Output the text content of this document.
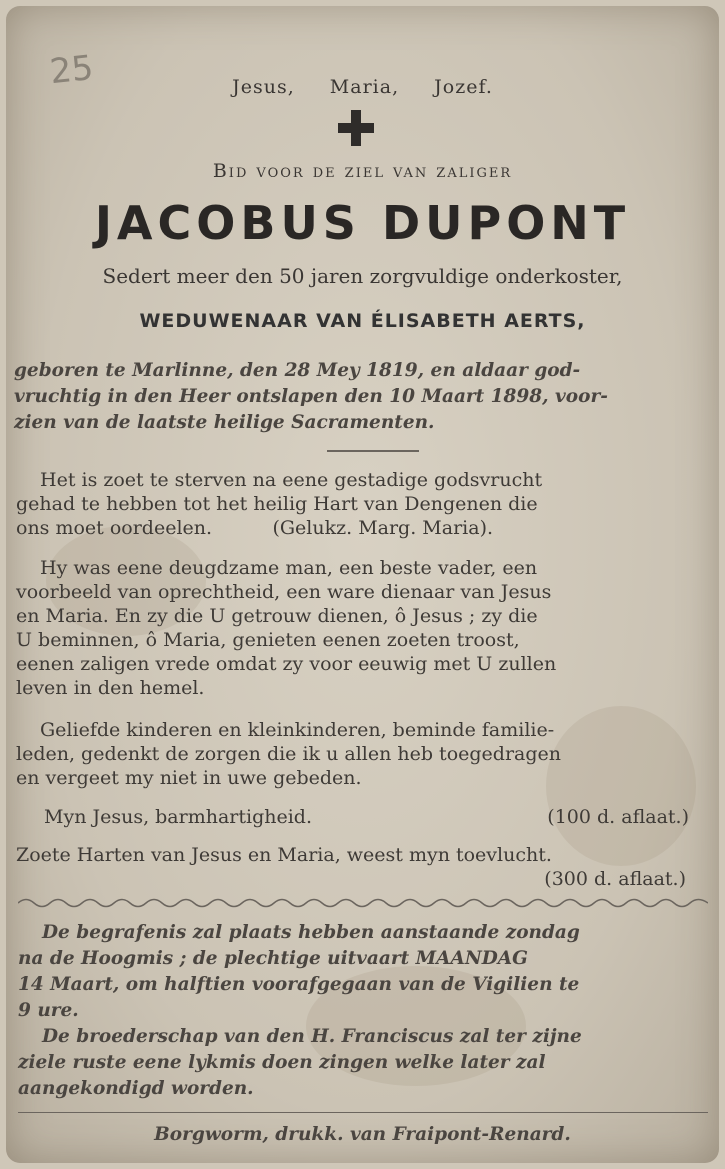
25	Jesus, Maria, Jozef.
Bid voor de ziel van zaliger
JACOBUS DUPONT
Sedert meer den 50 jaren zorgvuldige onderkoster,
WEDUWENAAR VAN ÉLISABETH AERTS,
geboren te Marlinne, den 28 Mey 1819, en aldaar god-
vruchtig in den Heer ontslapen den 10 Maart 1898, voor-
zien van de laatste heilige Sacramenten.
Het is zoet te sterven na eene gestadige godsvrucht
gehad te hebben tot het heilig Hart van Dengenen die
ons moet oordeelen.          (Gelukz. Marg. Maria).
Hy was eene deugdzame man, een beste vader, een
voorbeeld van oprechtheid, een ware dienaar van Jesus
en Maria. En zy die U getrouw dienen, ô Jesus ; zy die
U beminnen, ô Maria, genieten eenen zoeten troost,
eenen zaligen vrede omdat zy voor eeuwig met U zullen
leven in den hemel.
Geliefde kinderen en kleinkinderen, beminde familie-
leden, gedenkt de zorgen die ik u allen heb toegedragen
en vergeet my niet in uwe gebeden.
Myn Jesus, barmhartigheid.	(100 d. aflaat.)
Zoete Harten van Jesus en Maria, weest myn toevlucht.
(300 d. aflaat.)
De begrafenis zal plaats hebben aanstaande zondag
na de Hoogmis ; de plechtige uitvaart MAANDAG
14 Maart, om halftien voorafgegaan van de Vigilien te
9 ure.
De broederschap van den H. Franciscus zal ter zijne
ziele ruste eene lykmis doen zingen welke later zal
aangekondigd worden.
Borgworm, drukk. van Fraipont-Renard.
